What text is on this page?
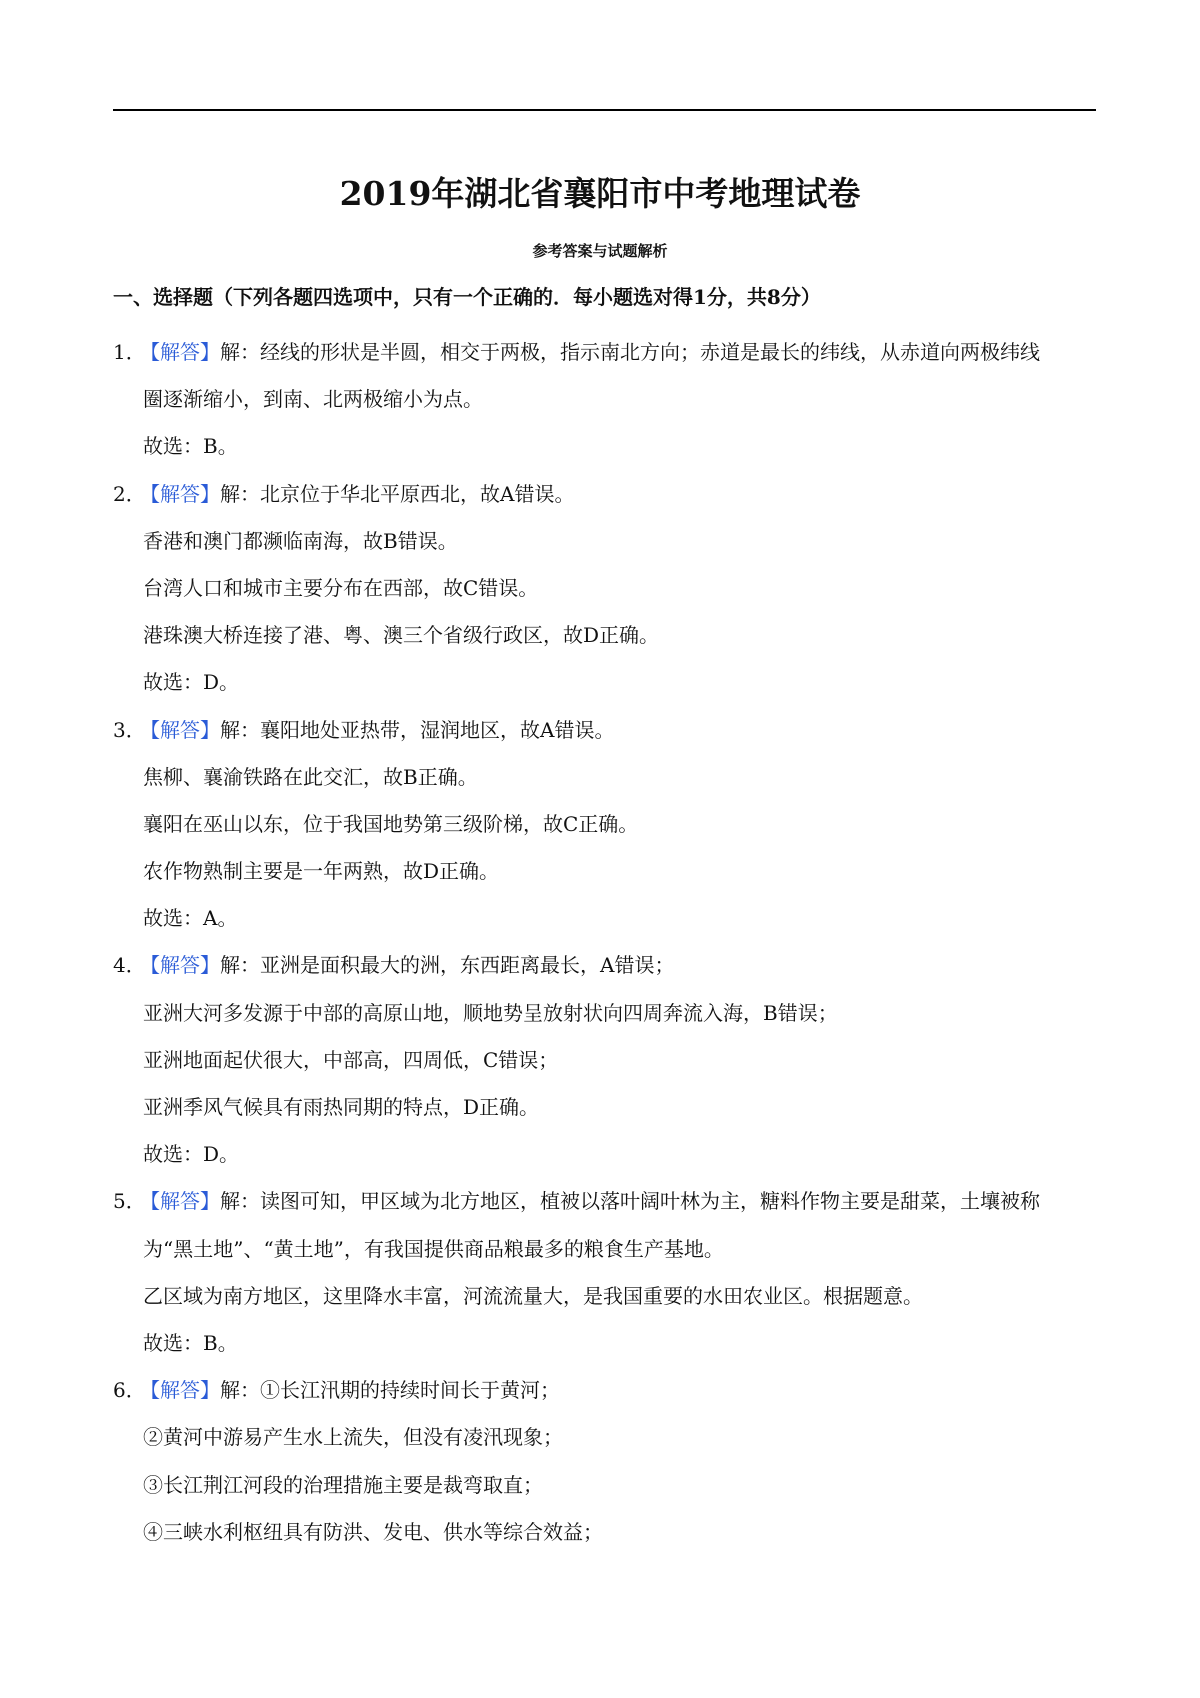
2019年湖北省襄阳市中考地理试卷
参考答案与试题解析
一、选择题（下列各题四选项中，只有一个正确的．每小题选对得1分，共8分）
1．【解答】解：经线的形状是半圆，相交于两极，指示南北方向；赤道是最长的纬线，从赤道向两极纬线
圈逐渐缩小，到南、北两极缩小为点。
故选：B。
2．【解答】解：北京位于华北平原西北，故A错误。
香港和澳门都濒临南海，故B错误。
台湾人口和城市主要分布在西部，故C错误。
港珠澳大桥连接了港、粤、澳三个省级行政区，故D正确。
故选：D。
3．【解答】解：襄阳地处亚热带，湿润地区，故A错误。
焦柳、襄渝铁路在此交汇，故B正确。
襄阳在巫山以东，位于我国地势第三级阶梯，故C正确。
农作物熟制主要是一年两熟，故D正确。
故选：A。
4．【解答】解：亚洲是面积最大的洲，东西距离最长，A错误；
亚洲大河多发源于中部的高原山地，顺地势呈放射状向四周奔流入海，B错误；
亚洲地面起伏很大，中部高，四周低，C错误；
亚洲季风气候具有雨热同期的特点，D正确。
故选：D。
5．【解答】解：读图可知，甲区域为北方地区，植被以落叶阔叶林为主，糖料作物主要是甜菜，土壤被称
为“黑土地”、“黄土地”，有我国提供商品粮最多的粮食生产基地。
乙区域为南方地区，这里降水丰富，河流流量大，是我国重要的水田农业区。根据题意。
故选：B。
6．【解答】解：①长江汛期的持续时间长于黄河；
②黄河中游易产生水上流失，但没有凌汛现象；
③长江荆江河段的治理措施主要是裁弯取直；
④三峡水利枢纽具有防洪、发电、供水等综合效益；
